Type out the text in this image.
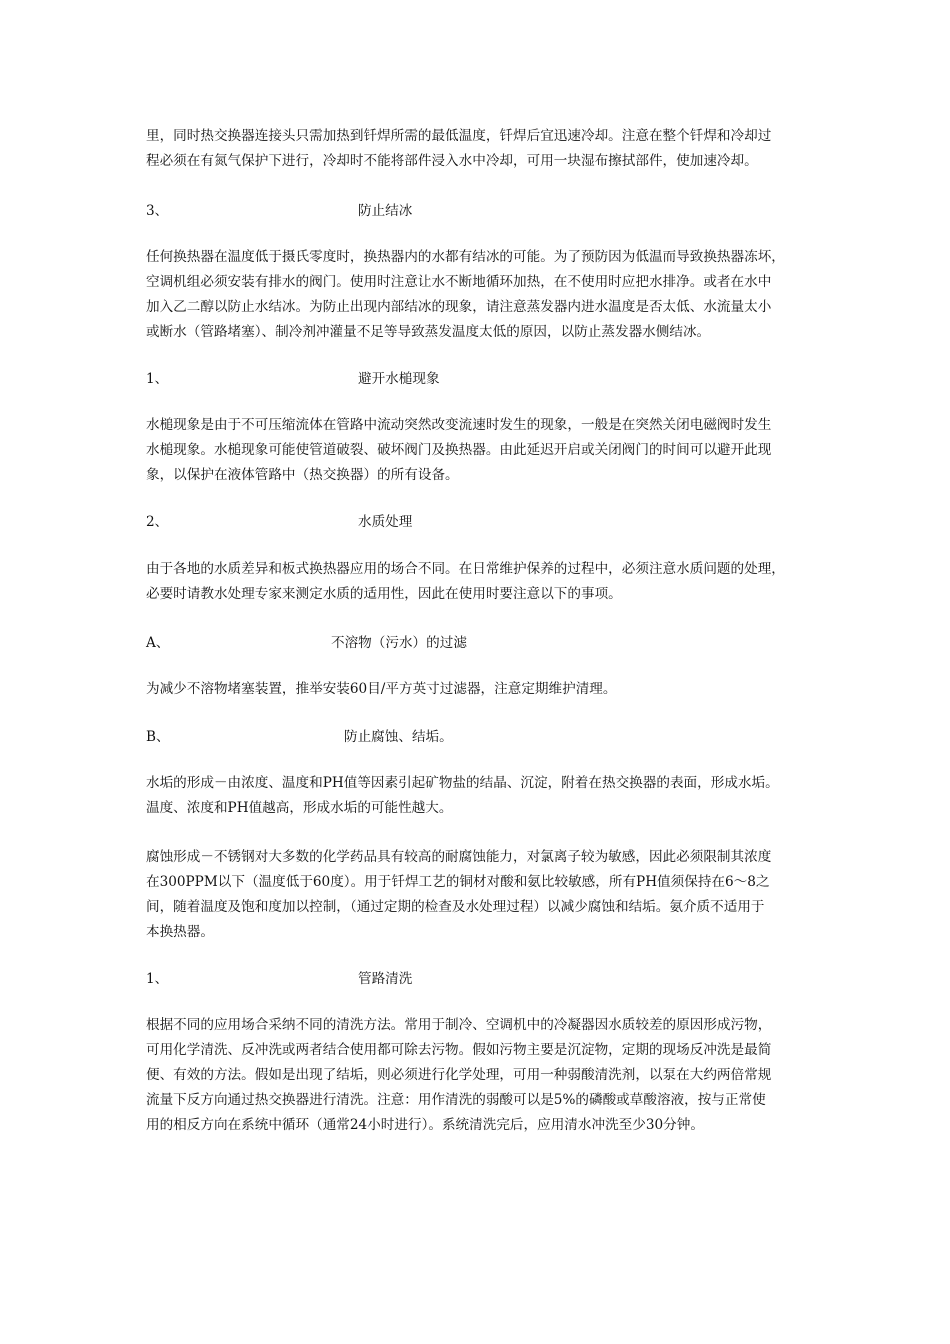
里，同时热交换器连接头只需加热到钎焊所需的最低温度，钎焊后宜迅速冷却。注意在整个钎焊和冷却过
程必须在有氮气保护下进行，冷却时不能将部件浸入水中冷却，可用一块湿布擦拭部件，使加速冷却。
3、	防止结冰
任何换热器在温度低于摄氏零度时，换热器内的水都有结冰的可能。为了预防因为低温而导致换热器冻坏，
空调机组必须安装有排水的阀门。使用时注意让水不断地循环加热，在不使用时应把水排净。或者在水中
加入乙二醇以防止水结冰。为防止出现内部结冰的现象，请注意蒸发器内进水温度是否太低、水流量太小
或断水（管路堵塞）、制冷剂冲灌量不足等导致蒸发温度太低的原因，以防止蒸发器水侧结冰。
1、	避开水槌现象
水槌现象是由于不可压缩流体在管路中流动突然改变流速时发生的现象，一般是在突然关闭电磁阀时发生
水槌现象。水槌现象可能使管道破裂、破坏阀门及换热器。由此延迟开启或关闭阀门的时间可以避开此现
象，以保护在液体管路中（热交换器）的所有设备。
2、	水质处理
由于各地的水质差异和板式换热器应用的场合不同。在日常维护保养的过程中，必须注意水质问题的处理，
必要时请教水处理专家来测定水质的适用性，因此在使用时要注意以下的事项。
A、	不溶物（污水）的过滤
为减少不溶物堵塞装置，推举安装60目/平方英寸过滤器，注意定期维护清理。
B、	防止腐蚀、结垢。
水垢的形成－由浓度、温度和PH值等因素引起矿物盐的结晶、沉淀，附着在热交换器的表面，形成水垢。
温度、浓度和PH值越高，形成水垢的可能性越大。
腐蚀形成－不锈钢对大多数的化学药品具有较高的耐腐蚀能力，对氯离子较为敏感，因此必须限制其浓度
在300PPM以下（温度低于60度）。用于钎焊工艺的铜材对酸和氨比较敏感，所有PH值须保持在6～8之
间，随着温度及饱和度加以控制，（通过定期的检查及水处理过程）以减少腐蚀和结垢。氨介质不适用于
本换热器。
1、	管路清洗
根据不同的应用场合采纳不同的清洗方法。常用于制冷、空调机中的冷凝器因水质较差的原因形成污物，
可用化学清洗、反冲洗或两者结合使用都可除去污物。假如污物主要是沉淀物，定期的现场反冲洗是最简
便、有效的方法。假如是出现了结垢，则必须进行化学处理，可用一种弱酸清洗剂，以泵在大约两倍常规
流量下反方向通过热交换器进行清洗。注意：用作清洗的弱酸可以是5%的磷酸或草酸溶液，按与正常使
用的相反方向在系统中循环（通常24小时进行）。系统清洗完后，应用清水冲洗至少30分钟。
